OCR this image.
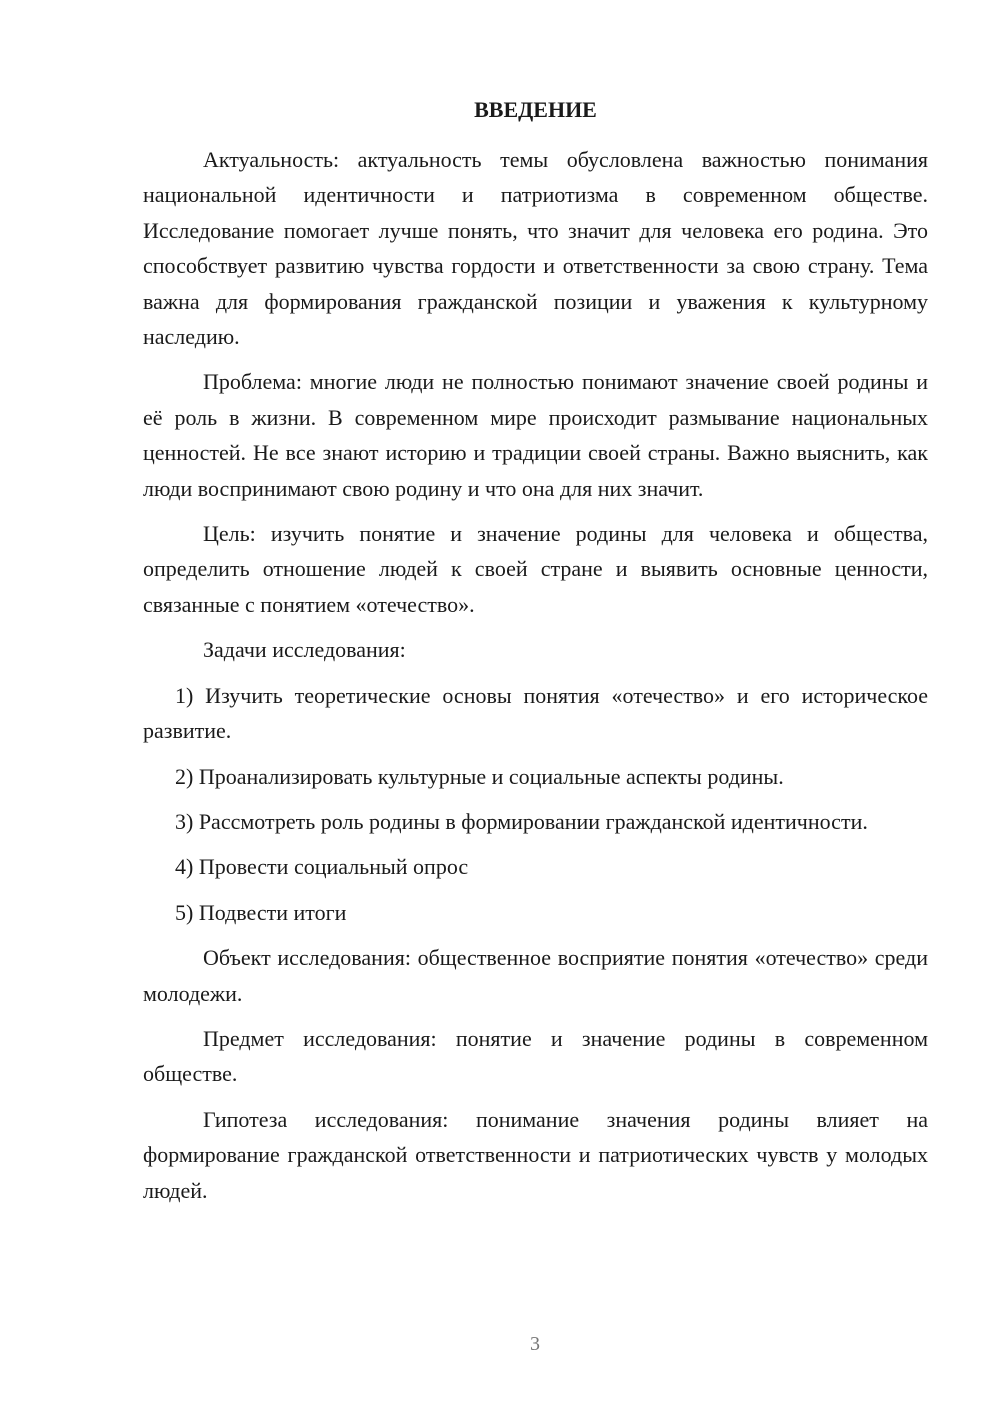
ВВЕДЕНИЕ

Актуальность: актуальность темы обусловлена важностью понимания национальной идентичности и патриотизма в современном обществе. Исследование помогает лучше понять, что значит для человека его родина. Это способствует развитию чувства гордости и ответственности за свою страну. Тема важна для формирования гражданской позиции и уважения к культурному наследию.

Проблема: многие люди не полностью понимают значение своей родины и её роль в жизни. В современном мире происходит размывание национальных ценностей. Не все знают историю и традиции своей страны. Важно выяснить, как люди воспринимают свою родину и что она для них значит.

Цель: изучить понятие и значение родины для человека и общества, определить отношение людей к своей стране и выявить основные ценности, связанные с понятием «отечество».

Задачи исследования:

1) Изучить теоретические основы понятия «отечество» и его историческое развитие.

2) Проанализировать культурные и социальные аспекты родины.

3) Рассмотреть роль родины в формировании гражданской идентичности.

4) Провести социальный опрос

5) Подвести итоги

Объект исследования: общественное восприятие понятия «отечество» среди молодежи.

Предмет исследования: понятие и значение родины в современном обществе.

Гипотеза исследования: понимание значения родины влияет на формирование гражданской ответственности и патриотических чувств у молодых людей.

3
